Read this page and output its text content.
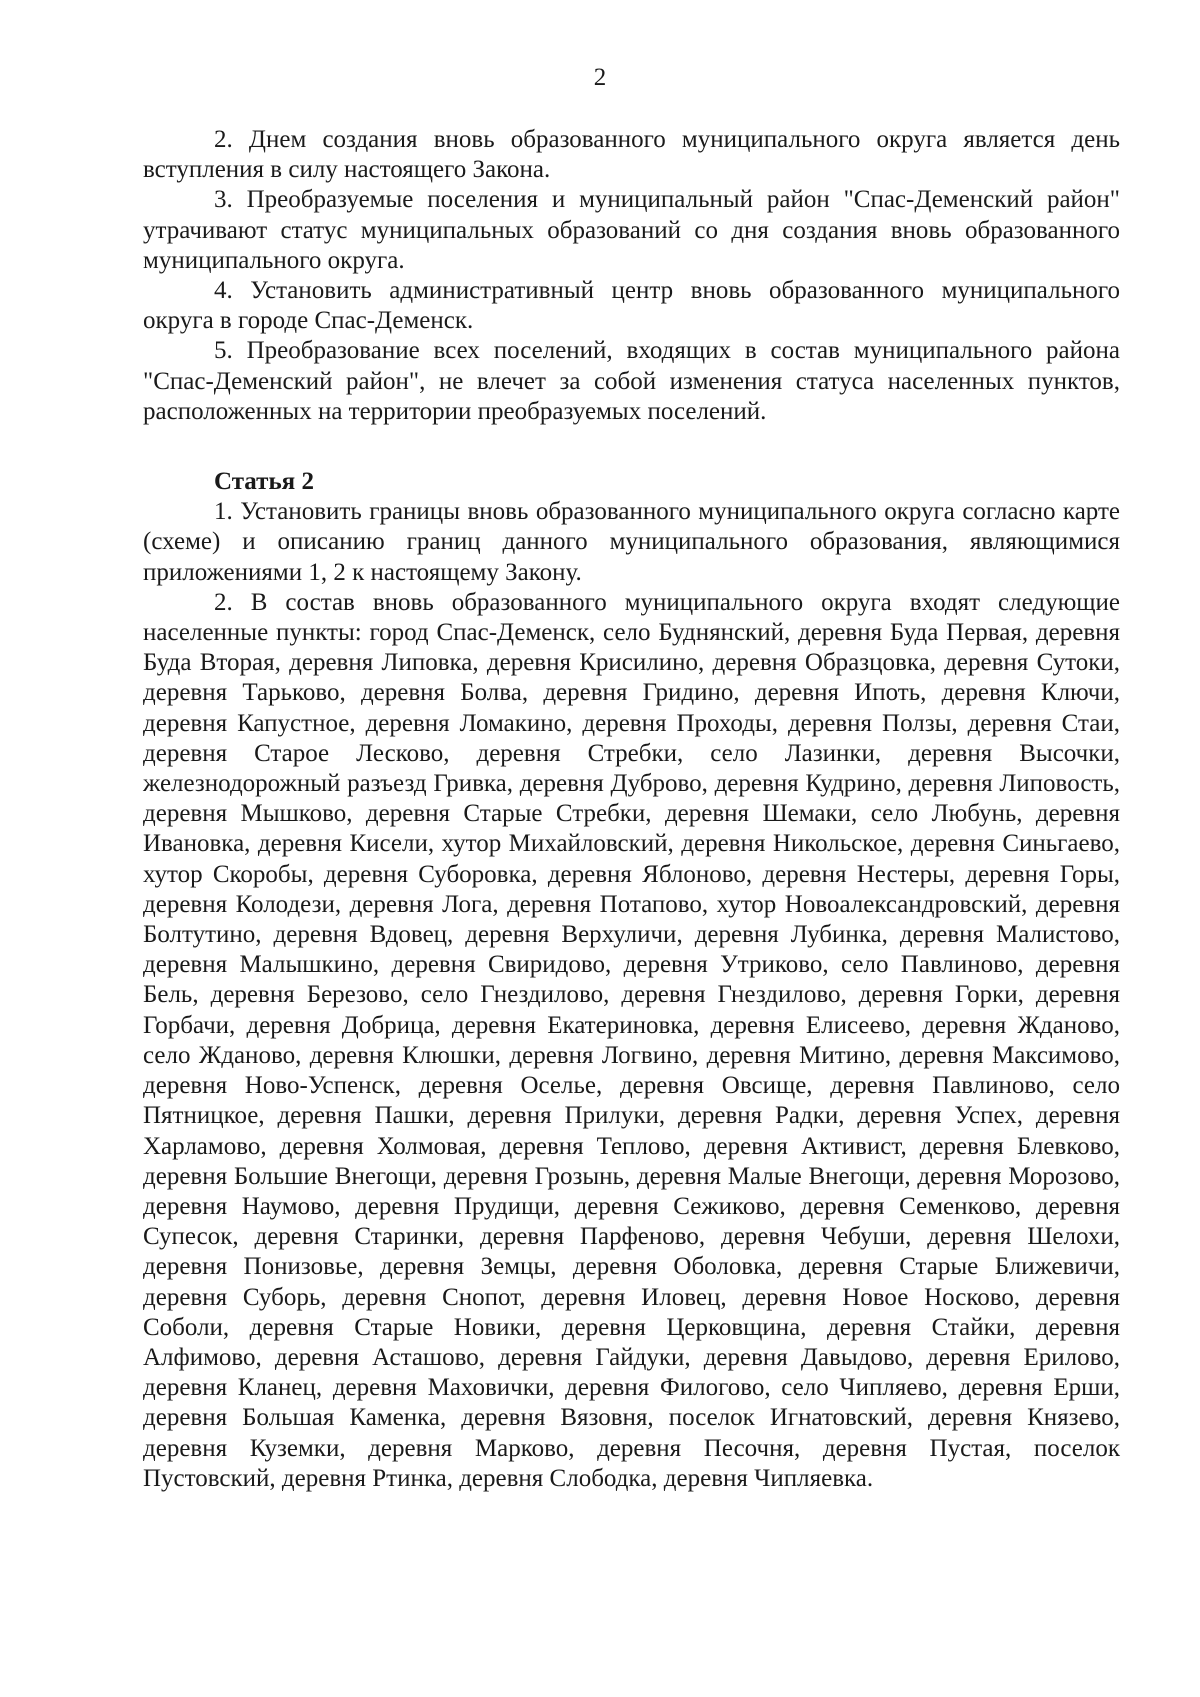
2

2. Днем создания вновь образованного муниципального округа является день вступления в силу настоящего Закона.

3. Преобразуемые поселения и муниципальный район "Спас-Деменский район" утрачивают статус муниципальных образований со дня создания вновь образованного муниципального округа.

4. Установить административный центр вновь образованного муниципального округа в городе Спас-Деменск.

5. Преобразование всех поселений, входящих в состав муниципального района "Спас-Деменский район", не влечет за собой изменения статуса населенных пунктов, расположенных на территории преобразуемых поселений.

Статья 2

1. Установить границы вновь образованного муниципального округа согласно карте (схеме) и описанию границ данного муниципального образования, являющимися приложениями 1, 2 к настоящему Закону.

2. В состав вновь образованного муниципального округа входят следующие населенные пункты: город Спас-Деменск, село Буднянский, деревня Буда Первая, деревня Буда Вторая, деревня Липовка, деревня Крисилино, деревня Образцовка, деревня Сутоки, деревня Тарьково, деревня Болва, деревня Гридино, деревня Ипоть, деревня Ключи, деревня Капустное, деревня Ломакино, деревня Проходы, деревня Ползы, деревня Стаи, деревня Старое Лесково, деревня Стребки, село Лазинки, деревня Высочки, железнодорожный разъезд Гривка, деревня Дуброво, деревня Кудрино, деревня Липовость, деревня Мышково, деревня Старые Стребки, деревня Шемаки, село Любунь, деревня Ивановка, деревня Кисели, хутор Михайловский, деревня Никольское, деревня Синьгаево, хутор Скоробы, деревня Суборовка, деревня Яблоново, деревня Нестеры, деревня Горы, деревня Колодези, деревня Лога, деревня Потапово, хутор Новоалександровский, деревня Болтутино, деревня Вдовец, деревня Верхуличи, деревня Лубинка, деревня Малистово, деревня Малышкино, деревня Свиридово, деревня Утриково, село Павлиново, деревня Бель, деревня Березово, село Гнездилово, деревня Гнездилово, деревня Горки, деревня Горбачи, деревня Добрица, деревня Екатериновка, деревня Елисеево, деревня Жданово, село Жданово, деревня Клюшки, деревня Логвино, деревня Митино, деревня Максимово, деревня Ново-Успенск, деревня Оселье, деревня Овсище, деревня Павлиново, село Пятницкое, деревня Пашки, деревня Прилуки, деревня Радки, деревня Успех, деревня Харламово, деревня Холмовая, деревня Теплово, деревня Активист, деревня Блевково, деревня Большие Внегощи, деревня Грозынь, деревня Малые Внегощи, деревня Морозово, деревня Наумово, деревня Прудищи, деревня Сежиково, деревня Семенково, деревня Супесок, деревня Старинки, деревня Парфеново, деревня Чебуши, деревня Шелохи, деревня Понизовье, деревня Земцы, деревня Оболовка, деревня Старые Ближевичи, деревня Суборь, деревня Снопот, деревня Иловец, деревня Новое Носково, деревня Соболи, деревня Старые Новики, деревня Церковщина, деревня Стайки, деревня Алфимово, деревня Асташово, деревня Гайдуки, деревня Давыдово, деревня Ерилово, деревня Кланец, деревня Маховички, деревня Филогово, село Чипляево, деревня Ерши, деревня Большая Каменка, деревня Вязовня, поселок Игнатовский, деревня Князево, деревня Куземки, деревня Марково, деревня Песочня, деревня Пустая, поселок Пустовский, деревня Ртинка, деревня Слободка, деревня Чипляевка.
